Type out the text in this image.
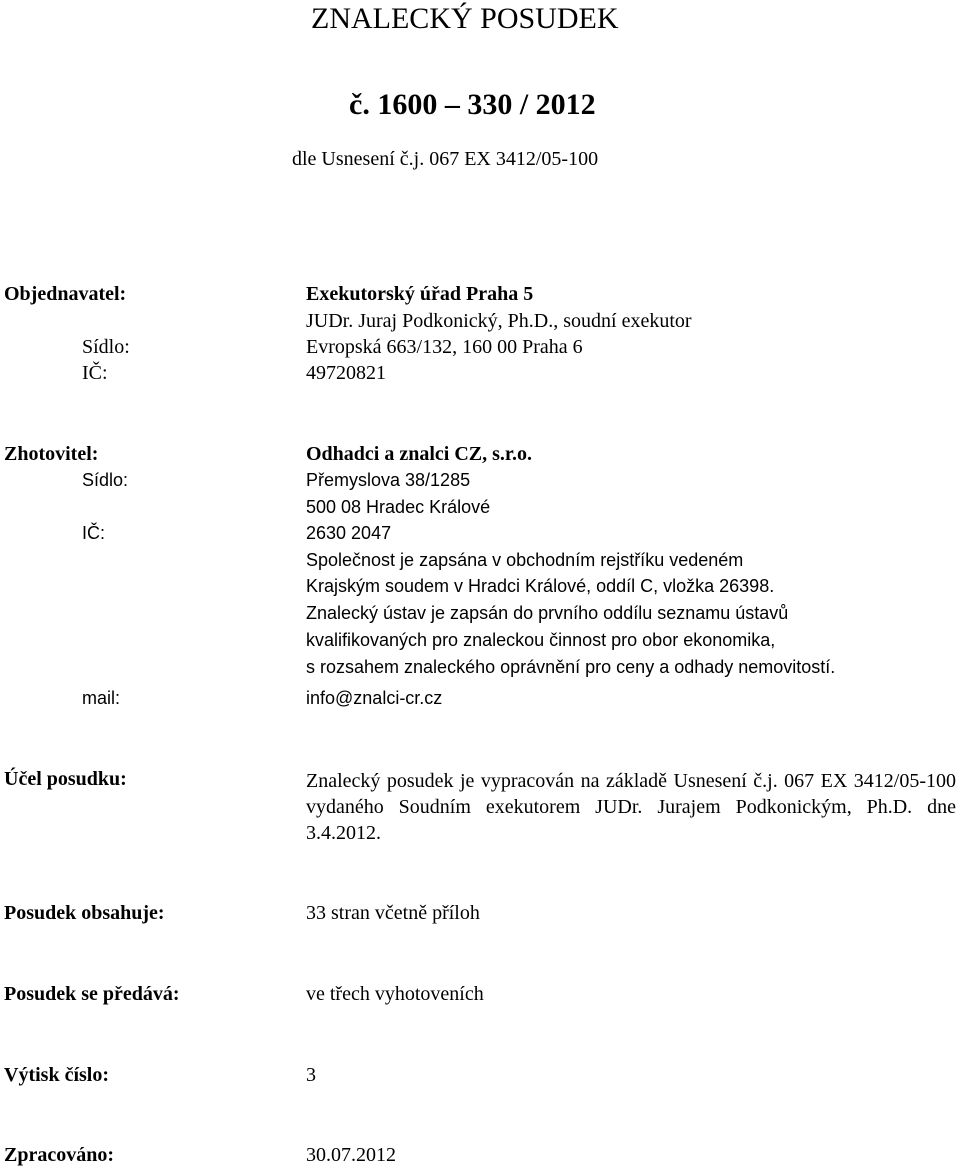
ZNALECKÝ POSUDEK
č. 1600 – 330 / 2012
dle Usnesení č.j. 067 EX 3412/05-100
Objednavatel:	Exekutorský úřad Praha 5
JUDr. Juraj Podkonický, Ph.D., soudní exekutor
Sídlo:	Evropská 663/132, 160 00 Praha 6
IČ:	49720821
Zhotovitel:	Odhadci a znalci CZ, s.r.o.
Sídlo:	Přemyslova 38/1285
500 08 Hradec Králové
IČ:	2630 2047
Společnost je zapsána v obchodním rejstříku vedeném
Krajským soudem v Hradci Králové, oddíl C, vložka 26398.
Znalecký ústav je zapsán do prvního oddílu seznamu ústavů
kvalifikovaných pro znaleckou činnost pro obor ekonomika,
s rozsahem znaleckého oprávnění pro ceny a odhady nemovitostí.
mail:	info@znalci-cr.cz
Účel posudku:	Znalecký posudek je vypracován na základě Usnesení č.j. 067 EX 3412/05-100 vydaného Soudním exekutorem JUDr. Jurajem Podkonickým, Ph.D. dne 3.4.2012.
Posudek obsahuje:	33 stran včetně příloh
Posudek se předává:	ve třech vyhotoveních
Výtisk číslo:	3
Zpracováno:	30.07.2012
